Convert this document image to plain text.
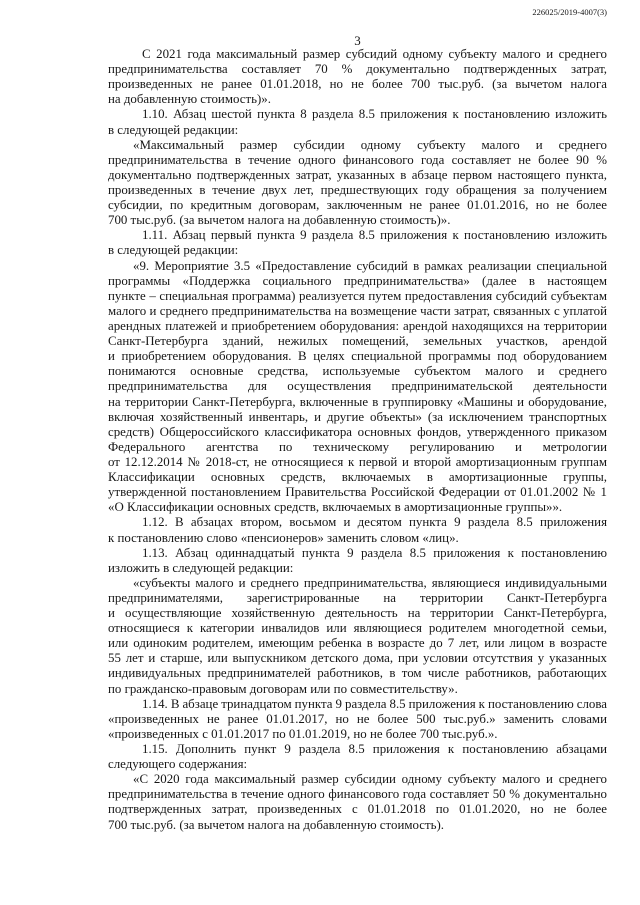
226025/2019-4007(3)
3
С 2021 года максимальный размер субсидий одному субъекту малого и среднего
предпринимательства составляет 70 % документально подтвержденных затрат,
произведенных не ранее 01.01.2018, но не более 700 тыс.руб. (за вычетом налога
на добавленную стоимость)».
1.10. Абзац шестой пункта 8 раздела 8.5 приложения к постановлению изложить
в следующей редакции:
«Максимальный размер субсидии одному субъекту малого и среднего
предпринимательства в течение одного финансового года составляет не более 90 %
документально подтвержденных затрат, указанных в абзаце первом настоящего пункта,
произведенных в течение двух лет, предшествующих году обращения за получением
субсидии, по кредитным договорам, заключенным не ранее 01.01.2016, но не более
700 тыс.руб. (за вычетом налога на добавленную стоимость)».
1.11. Абзац первый пункта 9 раздела 8.5 приложения к постановлению изложить
в следующей редакции:
«9. Мероприятие 3.5 «Предоставление субсидий в рамках реализации специальной
программы «Поддержка социального предпринимательства» (далее в настоящем
пункте – специальная программа) реализуется путем предоставления субсидий субъектам
малого и среднего предпринимательства на возмещение части затрат, связанных с уплатой
арендных платежей и приобретением оборудования: арендой находящихся на территории
Санкт-Петербурга зданий, нежилых помещений, земельных участков, арендой
и приобретением оборудования. В целях специальной программы под оборудованием
понимаются основные средства, используемые субъектом малого и среднего
предпринимательства для осуществления предпринимательской деятельности
на территории Санкт-Петербурга, включенные в группировку «Машины и оборудование,
включая хозяйственный инвентарь, и другие объекты» (за исключением транспортных
средств) Общероссийского классификатора основных фондов, утвержденного приказом
Федерального агентства по техническому регулированию и метрологии
от 12.12.2014 № 2018-ст, не относящиеся к первой и второй амортизационным группам
Классификации основных средств, включаемых в амортизационные группы,
утвержденной постановлением Правительства Российской Федерации от 01.01.2002 № 1
«О Классификации основных средств, включаемых в амортизационные группы»».
1.12. В абзацах втором, восьмом и десятом пункта 9 раздела 8.5 приложения
к постановлению слово «пенсионеров» заменить словом «лиц».
1.13. Абзац одиннадцатый пункта 9 раздела 8.5 приложения к постановлению
изложить в следующей редакции:
«субъекты малого и среднего предпринимательства, являющиеся индивидуальными
предпринимателями, зарегистрированные на территории Санкт-Петербурга
и осуществляющие хозяйственную деятельность на территории Санкт-Петербурга,
относящиеся к категории инвалидов или являющиеся родителем многодетной семьи,
или одиноким родителем, имеющим ребенка в возрасте до 7 лет, или лицом в возрасте
55 лет и старше, или выпускником детского дома, при условии отсутствия у указанных
индивидуальных предпринимателей работников, в том числе работников, работающих
по гражданско-правовым договорам или по совместительству».
1.14. В абзаце тринадцатом пункта 9 раздела 8.5 приложения к постановлению слова
«произведенных не ранее 01.01.2017, но не более 500 тыс.руб.» заменить словами
«произведенных с 01.01.2017 по 01.01.2019, но не более 700 тыс.руб.».
1.15. Дополнить пункт 9 раздела 8.5 приложения к постановлению абзацами
следующего содержания:
«С 2020 года максимальный размер субсидии одному субъекту малого и среднего
предпринимательства в течение одного финансового года составляет 50 % документально
подтвержденных затрат, произведенных с 01.01.2018 по 01.01.2020, но не более
700 тыс.руб. (за вычетом налога на добавленную стоимость).
